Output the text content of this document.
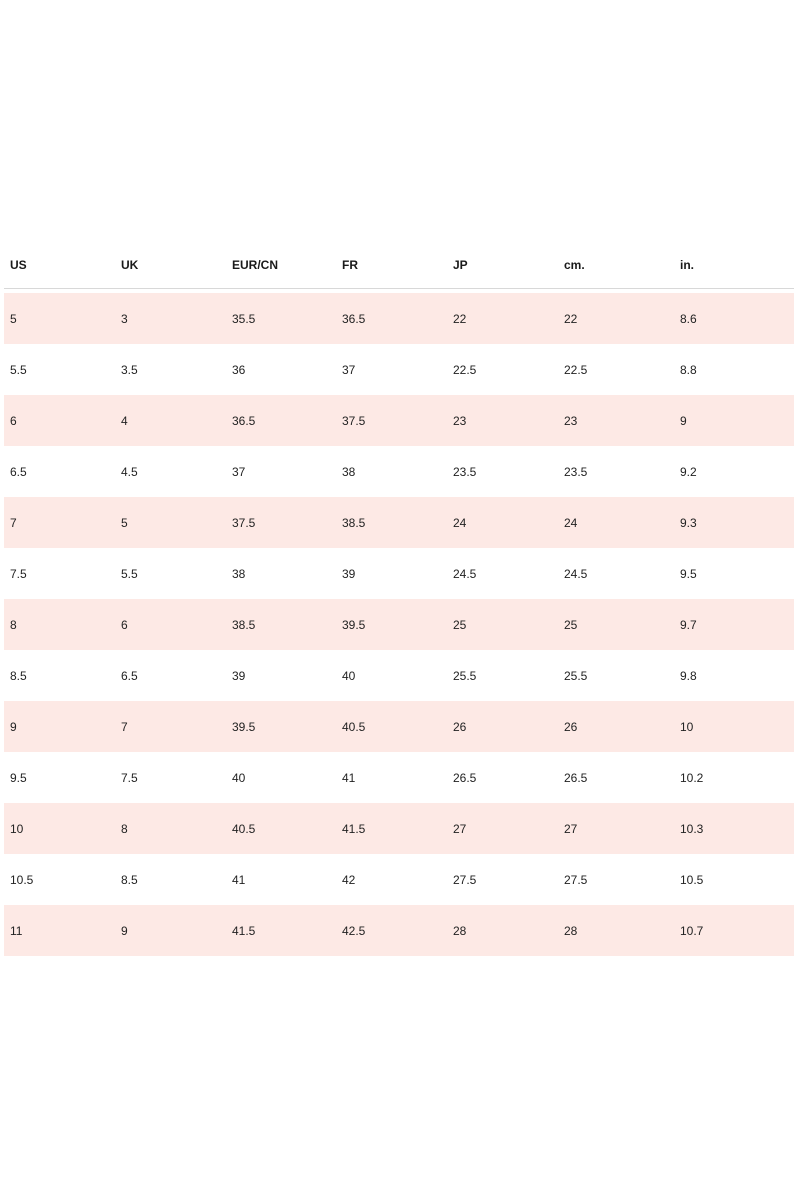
US	UK	EUR/CN	FR	JP	cm.	in.
5	3	35.5	36.5	22	22	8.6
5.5	3.5	36	37	22.5	22.5	8.8
6	4	36.5	37.5	23	23	9
6.5	4.5	37	38	23.5	23.5	9.2
7	5	37.5	38.5	24	24	9.3
7.5	5.5	38	39	24.5	24.5	9.5
8	6	38.5	39.5	25	25	9.7
8.5	6.5	39	40	25.5	25.5	9.8
9	7	39.5	40.5	26	26	10
9.5	7.5	40	41	26.5	26.5	10.2
10	8	40.5	41.5	27	27	10.3
10.5	8.5	41	42	27.5	27.5	10.5
11	9	41.5	42.5	28	28	10.7
